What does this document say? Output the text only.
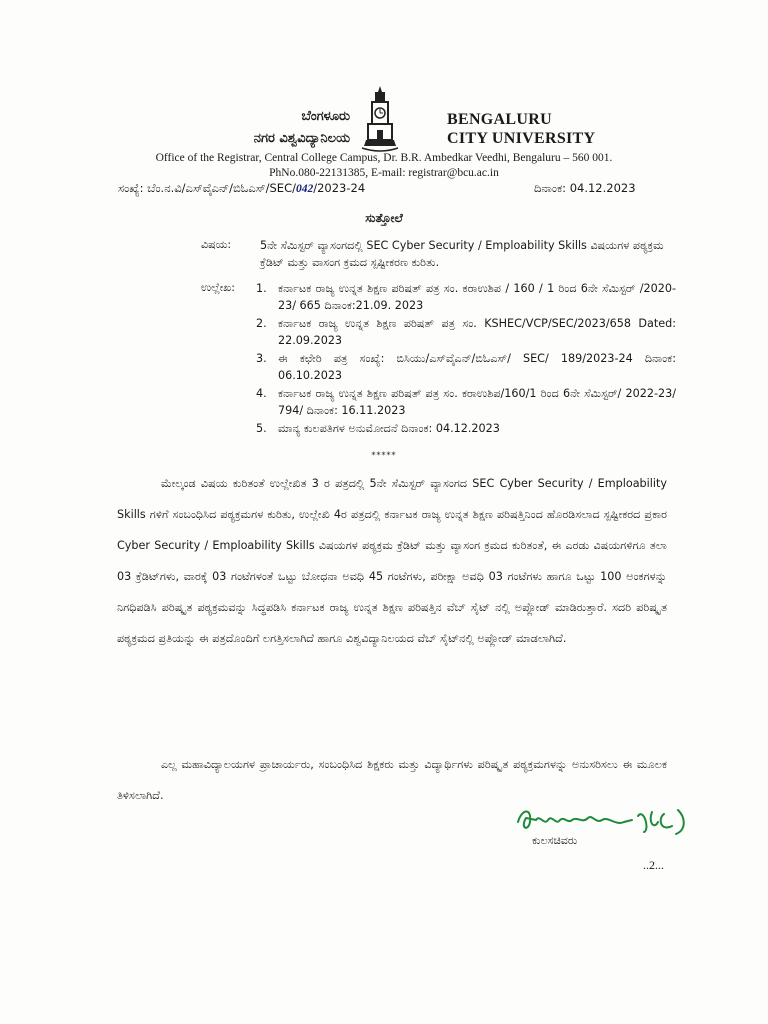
ಬೆಂಗಳೂರು
ನಗರ ವಿಶ್ವವಿದ್ಯಾನಿಲಯ
BENGALURU
CITY UNIVERSITY
Office of the Registrar, Central College Campus, Dr. B.R. Ambedkar Veedhi, Bengaluru – 560 001.
PhNo.080-22131385, E-mail: registrar@bcu.ac.in
ಸಂಖ್ಯೆ: ಬೆಂ.ನ.ವಿ/ಎಸ್‌ವೈಎನ್/ಬಿಓಎಸ್/SEC/042/2023-24	ದಿನಾಂಕ: 04.12.2023
ಸುತ್ತೋಲೆ
ವಿಷಯ:	5ನೇ ಸೆಮಿಸ್ಟರ್ ವ್ಯಾಸಂಗದಲ್ಲಿ SEC Cyber Security / Emploability Skills ವಿಷಯಗಳ ಪಠ್ಯಕ್ರಮ ಕ್ರೆಡಿಟ್ ಮತ್ತು ವಾಸಂಗ ಕ್ರಮದ ಸ್ಪಷ್ಟೀಕರಣ ಕುರಿತು.
ಉಲ್ಲೇಖ: 1.	ಕರ್ನಾಟಕ ರಾಜ್ಯ ಉನ್ನತ ಶಿಕ್ಷಣ ಪರಿಷತ್ ಪತ್ರ ಸಂ. ಕರಾಉಶಿಪ / 160 / 1 ರಿಂದ 6ನೇ ಸೆಮಿಸ್ಟರ್ /2020-23/ 665 ದಿನಾಂಕ:21.09. 2023
2.	ಕರ್ನಾಟಕ ರಾಜ್ಯ ಉನ್ನತ ಶಿಕ್ಷಣ ಪರಿಷತ್ ಪತ್ರ ಸಂ. KSHEC/VCP/SEC/2023/658 Dated: 22.09.2023
3.	ಈ ಕಛೇರಿ ಪತ್ರ ಸಂಖ್ಯೆ: ಬಿಸಿಯು/ಎಸ್‌ವೈಎನ್/ಬಿಓಎಸ್/ SEC/ 189/2023-24 ದಿನಾಂಕ: 06.10.2023
4.	ಕರ್ನಾಟಕ ರಾಜ್ಯ ಉನ್ನತ ಶಿಕ್ಷಣ ಪರಿಷತ್ ಪತ್ರ ಸಂ. ಕರಾಉಶಿಪ/160/1 ರಿಂದ 6ನೇ ಸೆಮಿಸ್ಟರ್/ 2022-23/ 794/ ದಿನಾಂಕ: 16.11.2023
5.	ಮಾನ್ಯ ಕುಲಪತಿಗಳ ಅನುಮೋದನೆ ದಿನಾಂಕ: 04.12.2023
*****

ಮೇಲ್ಕಂಡ ವಿಷಯ ಕುರಿತಂತೆ ಉಲ್ಲೇಖಿತ 3 ರ ಪತ್ರದಲ್ಲಿ 5ನೇ ಸೆಮಿಸ್ಟರ್ ವ್ಯಾಸಂಗದ SEC Cyber Security / Emploability Skills ಗಳಿಗೆ ಸಂಬಂಧಿಸಿದ ಪಠ್ಯಕ್ರಮಗಳ ಕುರಿತು, ಉಲ್ಲೇಖಿ 4ರ ಪತ್ರದಲ್ಲಿ ಕರ್ನಾಟಕ ರಾಜ್ಯ ಉನ್ನತ ಶಿಕ್ಷಣ ಪರಿಷತ್ತಿನಿಂದ ಹೊರಡಿಸಲಾದ ಸ್ಪಷ್ಟೀಕರದ ಪ್ರಕಾರ Cyber Security / Emploability Skills ವಿಷಯಗಳ ಪಠ್ಯಕ್ರಮ ಕ್ರೆಡಿಟ್ ಮತ್ತು ವ್ಯಾಸಂಗ ಕ್ರಮದ ಕುರಿತಂತೆ, ಈ ಎರಡು ವಿಷಯಗಳಿಗೂ ತಲಾ 03 ಕ್ರೆಡಿಟ್‌ಗಳು, ವಾರಕ್ಕೆ 03 ಗಂಟೆಗಳಂತೆ ಒಟ್ಟು ಬೋಧನಾ ಅವಧಿ 45 ಗಂಟೆಗಳು, ಪರೀಕ್ಷಾ ಅವಧಿ 03 ಗಂಟೆಗಳು ಹಾಗೂ ಒಟ್ಟು 100 ಅಂಕಗಳನ್ನು ನಿಗಧಿಪಡಿಸಿ ಪರಿಷ್ಕೃತ ಪಠ್ಯಕ್ರಮವನ್ನು ಸಿದ್ಧಪಡಿಸಿ ಕರ್ನಾಟಕ ರಾಜ್ಯ ಉನ್ನತ ಶಿಕ್ಷಣ ಪರಿಷತ್ತಿನ ವೆಬ್ ಸೈಟ್ ನಲ್ಲಿ ಅಪ್ಲೋಡ್ ಮಾಡಿರುತ್ತಾರೆ. ಸದರಿ ಪರಿಷ್ಕೃತ ಪಠ್ಯಕ್ರಮದ ಪ್ರತಿಯನ್ನು ಈ ಪತ್ರದೊಂದಿಗೆ ಲಗತ್ತಿಸಲಾಗಿದೆ ಹಾಗೂ ವಿಶ್ವವಿದ್ಯಾನಿಲಯದ ವೆಬ್ ಸೈಟ್‌ನಲ್ಲಿ ಅಪ್ಲೋಡ್ ಮಾಡಲಾಗಿದೆ.

ಎಲ್ಲ ಮಹಾವಿದ್ಯಾಲಯಗಳ ಪ್ರಾಚಾರ್ಯರು, ಸಂಬಂಧಿಸಿದ ಶಿಕ್ಷಕರು ಮತ್ತು ವಿದ್ಯಾರ್ಥಿಗಳು ಪರಿಷ್ಕೃತ ಪಠ್ಯಕ್ರಮಗಳನ್ನು ಅನುಸರಿಸಲು ಈ ಮೂಲಕ ತಿಳಿಸಲಾಗಿದೆ.

ಕುಲಸಚಿವರು
..2...
